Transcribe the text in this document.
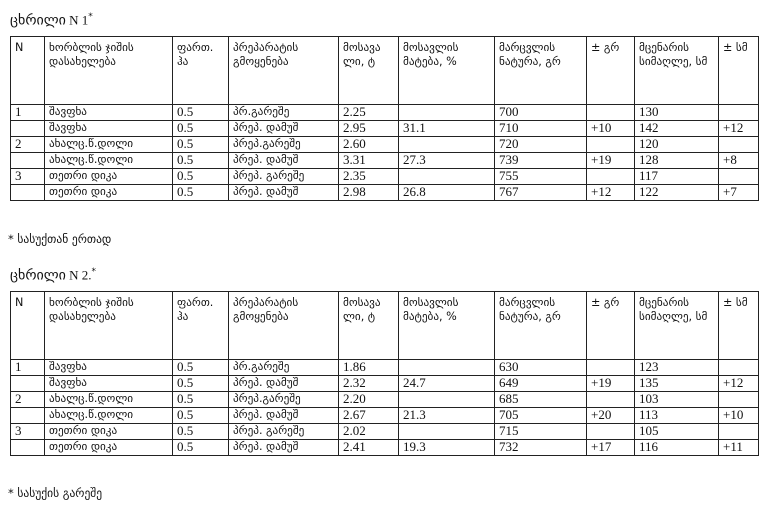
ცხრილი N 1*
N	ხორბლის ჯიშის დასახელება	ფართ. ჰა	პრეპარატის გმოყენება	მოსავა ლი, ტ	მოსავლის მატება, %	მარცვლის ნატურა, გრ	± გრ	მცენარის სიმაღლე, სმ	± სმ
1	შავფხა	0.5	პრ.გარეშე	2.25		700		130	
	შავფხა	0.5	პრეპ. დამუშ	2.95	31.1	710	+10	142	+12
2	ახალც.წ.დოლი	0.5	პრეპ.გარეშე	2.60		720		120	
	ახალც.წ.დოლი	0.5	პრეპ. დამუშ	3.31	27.3	739	+19	128	+8
3	თეთრი დიკა	0.5	პრეპ. გარეშე	2.35		755		117	
	თეთრი დიკა	0.5	პრეპ. დამუშ	2.98	26.8	767	+12	122	+7

* სასუქთან ერთად

ცხრილი N 2.*
N	ხორბლის ჯიშის დასახელება	ფართ. ჰა	პრეპარატის გმოყენება	მოსავა ლი, ტ	მოსავლის მატება, %	მარცვლის ნატურა, გრ	± გრ	მცენარის სიმაღლე, სმ	± სმ
1	შავფხა	0.5	პრ.გარეშე	1.86		630		123	
	შავფხა	0.5	პრეპ. დამუშ	2.32	24.7	649	+19	135	+12
2	ახალც.წ.დოლი	0.5	პრეპ.გარეშე	2.20		685		103	
	ახალც.წ.დოლი	0.5	პრეპ. დამუშ	2.67	21.3	705	+20	113	+10
3	თეთრი დიკა	0.5	პრეპ. გარეშე	2.02		715		105	
	თეთრი დიკა	0.5	პრეპ. დამუშ	2.41	19.3	732	+17	116	+11

* სასუქის გარეშე
